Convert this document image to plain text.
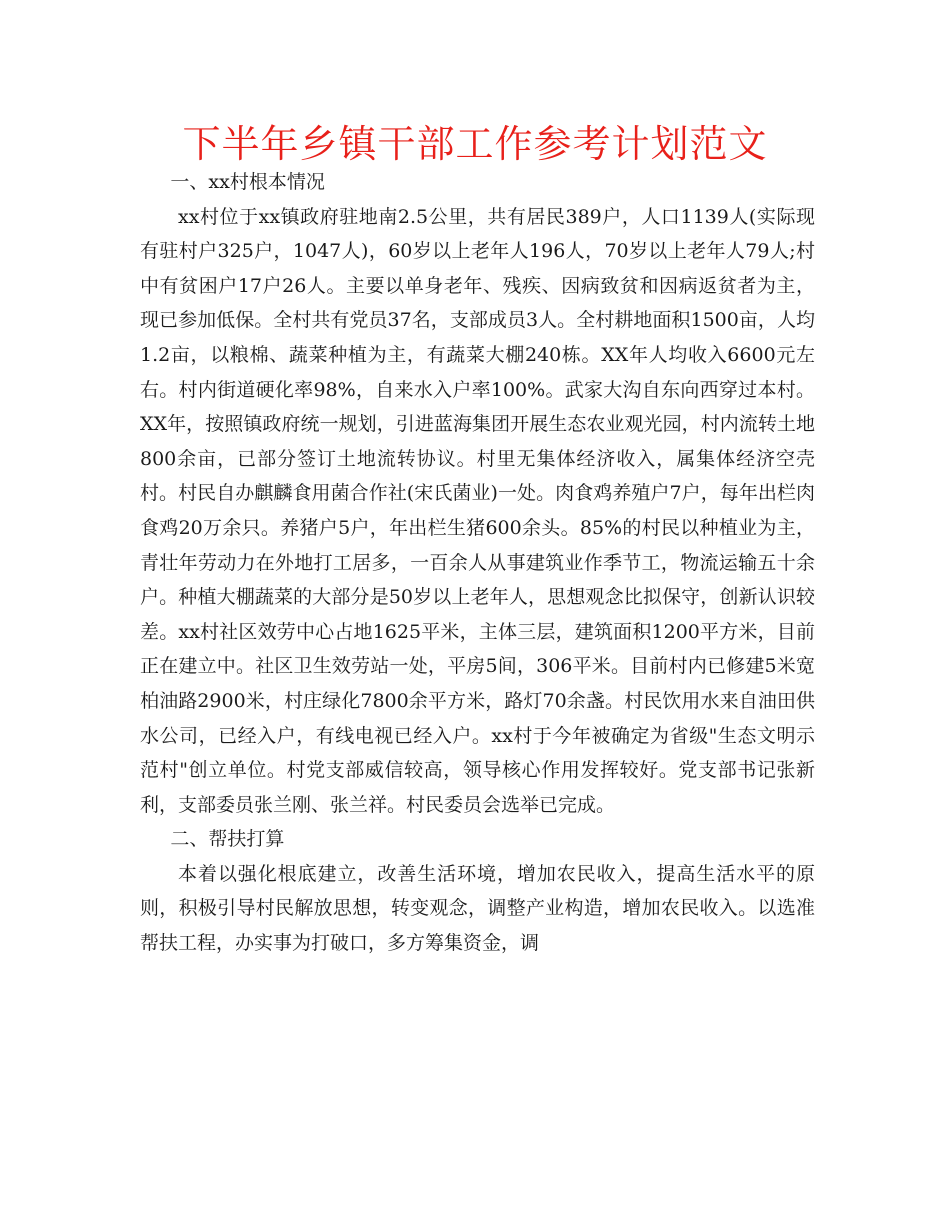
下半年乡镇干部工作参考计划范文

一、xx村根本情况

xx村位于xx镇政府驻地南2.5公里，共有居民389户，人口1139人(实际现有驻村户325户，1047人)，60岁以上老年人196人，70岁以上老年人79人;村中有贫困户17户26人。主要以单身老年、残疾、因病致贫和因病返贫者为主，现已参加低保。全村共有党员37名，支部成员3人。全村耕地面积1500亩，人均1.2亩，以粮棉、蔬菜种植为主，有蔬菜大棚240栋。XX年人均收入6600元左右。村内街道硬化率98%，自来水入户率100%。武家大沟自东向西穿过本村。XX年，按照镇政府统一规划，引进蓝海集团开展生态农业观光园，村内流转土地800余亩，已部分签订土地流转协议。村里无集体经济收入，属集体经济空壳村。村民自办麒麟食用菌合作社(宋氏菌业)一处。肉食鸡养殖户7户，每年出栏肉食鸡20万余只。养猪户5户，年出栏生猪600余头。85%的村民以种植业为主，青壮年劳动力在外地打工居多，一百余人从事建筑业作季节工，物流运输五十余户。种植大棚蔬菜的大部分是50岁以上老年人，思想观念比拟保守，创新认识较差。xx村社区效劳中心占地1625平米，主体三层，建筑面积1200平方米，目前正在建立中。社区卫生效劳站一处，平房5间，306平米。目前村内已修建5米宽柏油路2900米，村庄绿化7800余平方米，路灯70余盏。村民饮用水来自油田供水公司，已经入户，有线电视已经入户。xx村于今年被确定为省级"生态文明示范村"创立单位。村党支部威信较高，领导核心作用发挥较好。党支部书记张新利，支部委员张兰刚、张兰祥。村民委员会选举已完成。

二、帮扶打算

本着以强化根底建立，改善生活环境，增加农民收入，提高生活水平的原则，积极引导村民解放思想，转变观念，调整产业构造，增加农民收入。以选准帮扶工程，办实事为打破口，多方筹集资金，调
